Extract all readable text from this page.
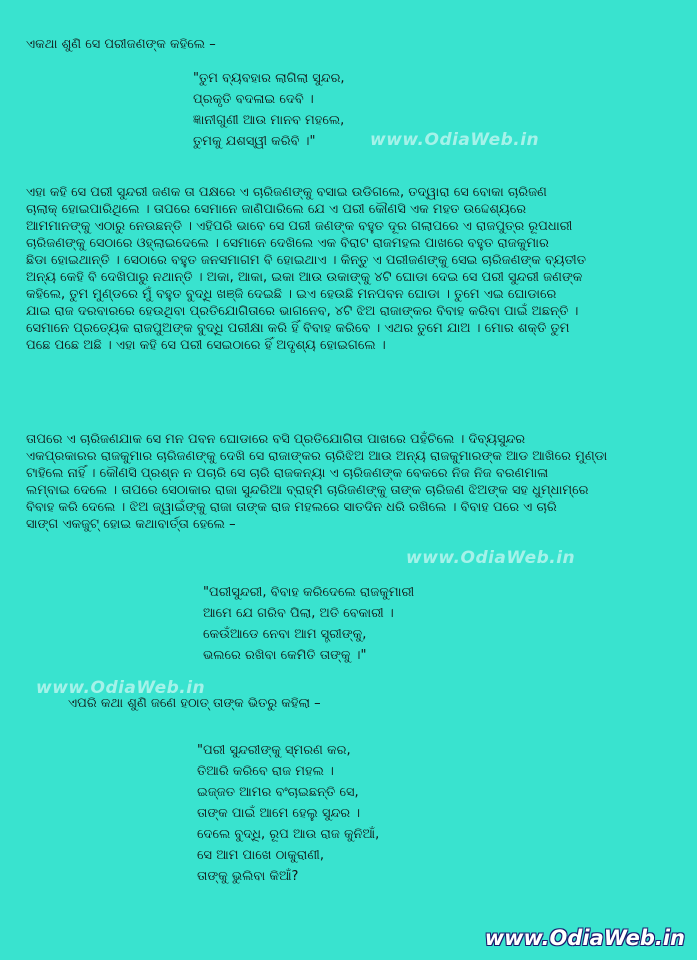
ଏକଥା ଶୁଣି ସେ ପରୀଜଣଙ୍କ କହିଲେ –
"ତୁମ ବ୍ୟବହାର ଲାଗିଲା ସୁନ୍ଦର,
ପ୍ରକୃତି ବଦଳାଇ ଦେବି ।
ଜ୍ଞାନୀଗୁଣୀ ଆଉ ମାନବ ମହଲେ,
ତୁମକୁ ଯଶସ୍ୱୀ କରିବି ।"	www.OdiaWeb.in
ଏହା କହି ସେ ପରୀ ସୁନ୍ଦରୀ ଜଣକ ତା ପକ୍ଷରେ ଏ ଚାରିଜଣଙ୍କୁ ବସାଇ ଉଡିଗଲେ, ତଦ୍ୱାରା ସେ ବୋକା ଚାରିଜଣ
ଚାଲାକ୍ ହୋଇପାରିଥିଲେ । ତାପରେ ସେମାନେ ଜାଣିପାରିଲେ ଯେ ଏ ପରୀ କୌଣସି ଏକ ମହତ ଉଦ୍ଦେଶ୍ୟରେ
ଆମମାନଙ୍କୁ ଏଠାରୁ ନେଉଛନ୍ତି । ଏହିପରି ଭାବେ ସେ ପରୀ ଜଣଙ୍କ ବହୁତ ଦୂର ଗଲାପରେ ଏ ରାଜପୁତ୍ର ରୂପଧାରୀ
ଚାରିଜଣଙ୍କୁ ସେଠାରେ ଓହ୍ଲାଇଦେଲେ । ସେମାନେ ଦେଖିଲେ ଏକ ବିରାଟ ରାଜମହଲ ପାଖରେ ବହୁତ ରାଜକୁମାର
ଛିଡା ହୋଇଥାନ୍ତି । ସେଠାରେ ବହୁତ ଜନସମାଗମ ବି ହୋଇଥାଏ । କିନ୍ତୁ ଏ ପରୀଜଣଙ୍କୁ ସେଇ ଚାରିଜଣଙ୍କ ବ୍ୟତୀତ
ଅନ୍ୟ କେହି ବି ଦେଖିପାରୁ ନଥାନ୍ତି । ଅକା, ଆକା, ଇକା ଆଉ ଉକାଙ୍କୁ ୪ଟି ଘୋଡା ଦେଇ ସେ ପରୀ ସୁନ୍ଦରୀ ଜଣଙ୍କ
କହିଲେ, ତୁମ ମୁଣ୍ଡରେ ମୁଁ ବହୁତ ବୁଦ୍ଧି ଖଞ୍ଜି ଦେଇଛି । ଇଏ ହେଉଛି ମନପବନ ଘୋଡା । ତୁମେ ଏଇ ଘୋଡାରେ
ଯାଇ ରାଜ ଦରବାରରେ ହେଉଥିବା ପ୍ରତିଯୋଗିତାରେ ଭାଗନେବ, ୪ଟି ଝିଅ ରାଜାଙ୍କର ବିବାହ କରିବା ପାଇଁ ଅଛନ୍ତି ।
ସେମାନେ ପ୍ରତ୍ୟେକ ରାଜପୁଅଙ୍କ ବୁଦ୍ଧି ପରୀକ୍ଷା କରି ହିଁ ବିବାହ କରିବେ । ଏଥର ତୁମେ ଯାଅ । ମୋର ଶକ୍ତି ତୁମ
ପଛେ ପଛେ ଅଛି । ଏହା କହି ସେ ପରୀ ସେଇଠାରେ ହିଁ ଅଦୃଶ୍ୟ ହୋଇଗଲେ ।
ତାପରେ ଏ ଚାରିଜଣଯାକ ସେ ମନ ପବନ ଘୋଡାରେ ବସି ପ୍ରତିଯୋଗିତା ପାଖରେ ପହଁଚିଲେ । ଦିବ୍ୟସୁନ୍ଦର
ଏକପ୍ରକାରର ରାଜକୁମାର ଚାରିଜଣଙ୍କୁ ଦେଖି ସେ ରାଜାଙ୍କର ଚାରିଝିଅ ଆଉ ଅନ୍ୟ ରାଜକୁମାରଙ୍କ ଆଡ ଆଖିରେ ମୁଣ୍ଡା
ଟାହିଲେ ନାହିଁ । କୌଣସି ପ୍ରଶ୍ନ ନ ପଚାରି ସେ ଚାରି ରାଜକନ୍ୟା ଏ ଚାରିଜଣଙ୍କ ବେକରେ ନିଜ ନିଜ ବରଣମାଳା
ଲମ୍ବାଇ ଦେଲେ । ତାପରେ ସେଠାକାର ରାଜା ସୁନ୍ଦରିଆ ବ୍ରାହ୍ମି ଚାରିଜଣଙ୍କୁ ତାଙ୍କ ଚାରିଜଣ ଝିଅଙ୍କ ସହ ଧୁମ୍ଧାମ୍ରେ
ବିବାହ କରି ଦେଲେ । ଝିଅ ଜ୍ୱାଇଁଙ୍କୁ ରାଜା ତାଙ୍କ ରାଜ ମହଲରେ ସାତଦିନ ଧରି ରଖିଲେ । ବିବାହ ପରେ ଏ ଚାରି
ସାଙ୍ଗ ଏକଜୁଟ୍ ହୋଇ କଥାବାର୍ତ୍ତା ହେଲେ –
www.OdiaWeb.in
"ପରୀସୁନ୍ଦରୀ, ବିବାହ କରିଦେଲେ ରାଜକୁମାରୀ
ଆମେ ଯେ ଗରିବ ପିଲା, ଅତି ବେକାରୀ ।
କେଉଁଆଡେ ନେବା ଆମ ସ୍ତ୍ରୀଙ୍କୁ,
ଭଲରେ ରଖିବା କେମିତି ତାଙ୍କୁ ।"
www.OdiaWeb.in
ଏପରି କଥା ଶୁଣି ଜଣେ ହଠାତ୍ ତାଙ୍କ ଭିତରୁ କହିଲା –
"ପରୀ ସୁନ୍ଦରୀଙ୍କୁ ସ୍ମରଣ କର,
ତିଆରି କରିବେ ରାଜ ମହଲ ।
ଇଜ୍ଜତ ଆମର ବଂଚାଇଛନ୍ତି ସେ,
ତାଙ୍କ ପାଇଁ ଆମେ ହେଲୁ ସୁନ୍ଦର ।
ଦେଲେ ବୁଦ୍ଧି, ରୂପ ଆଉ ରାଜ କୁନିଆଁ,
ସେ ଆମ ପାଖେ ଠାକୁରାଣୀ,
ତାଙ୍କୁ ଭୁଲିବା କିଆଁ?
www.OdiaWeb.in
